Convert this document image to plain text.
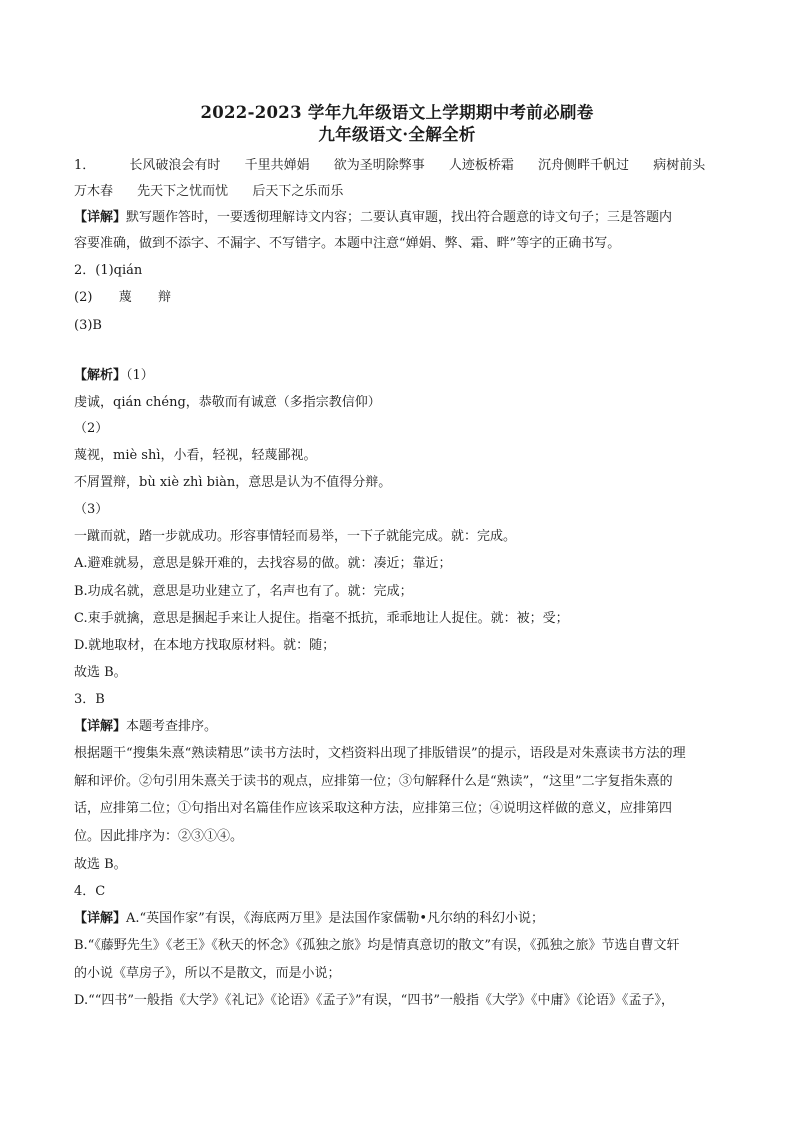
2022-2023 学年九年级语文上学期期中考前必刷卷
九年级语文·全解全析
1．	长风破浪会有时 千里共婵娟 欲为圣明除弊事 人迹板桥霜 沉舟侧畔千帆过 病树前头
万木春 先天下之忧而忧 后天下之乐而乐
【详解】默写题作答时，一要透彻理解诗文内容；二要认真审题，找出符合题意的诗文句子；三是答题内
容要准确，做到不添字、不漏字、不写错字。本题中注意“婵娟、弊、霜、畔”等字的正确书写。
2．(1)qián
(2) 蔑 辩
(3)B
【解析】（1）
虔诚，qián chéng，恭敬而有诚意（多指宗教信仰）
（2）
蔑视，miè shì，小看，轻视，轻蔑鄙视。
不屑置辩，bù xiè zhì biàn，意思是认为不值得分辩。
（3）
一蹴而就，踏一步就成功。形容事情轻而易举，一下子就能完成。就：完成。
A.避难就易，意思是躲开难的，去找容易的做。就：凑近；靠近；
B.功成名就，意思是功业建立了，名声也有了。就：完成；
C.束手就擒，意思是捆起手来让人捉住。指毫不抵抗，乖乖地让人捉住。就：被；受；
D.就地取材，在本地方找取原材料。就：随；
故选 B。
3．B
【详解】本题考查排序。
根据题干“搜集朱熹“熟读精思”读书方法时，文档资料出现了排版错误”的提示，语段是对朱熹读书方法的理
解和评价。②句引用朱熹关于读书的观点，应排第一位；③句解释什么是“熟读”，“这里”二字复指朱熹的
话，应排第二位；①句指出对名篇佳作应该采取这种方法，应排第三位；④说明这样做的意义，应排第四
位。因此排序为：②③①④。
故选 B。
4．C
【详解】A.“英国作家”有误，《海底两万里》是法国作家儒勒•凡尔纳的科幻小说；
B.“《藤野先生》《老王》《秋天的怀念》《孤独之旅》均是情真意切的散文”有误，《孤独之旅》节选自曹文轩
的小说《草房子》，所以不是散文，而是小说；
D.““四书”一般指《大学》《礼记》《论语》《孟子》”有误，“四书”一般指《大学》《中庸》《论语》《孟子》，
